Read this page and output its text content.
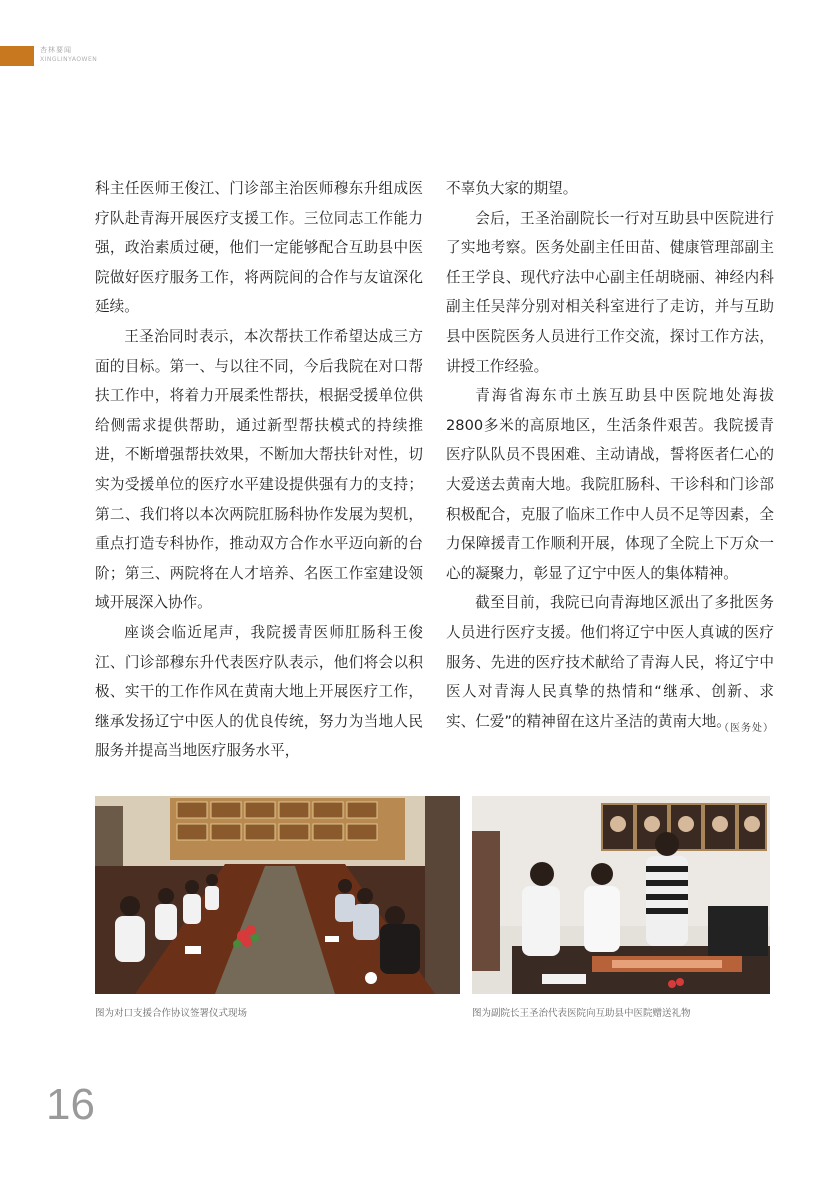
杏林要闻
XINGLINYAOWEN

科主任医师王俊江、门诊部主治医师穆东升组成医疗队赴青海开展医疗支援工作。三位同志工作能力强，政治素质过硬，他们一定能够配合互助县中医院做好医疗服务工作，将两院间的合作与友谊深化延续。

王圣治同时表示，本次帮扶工作希望达成三方面的目标。第一、与以往不同，今后我院在对口帮扶工作中，将着力开展柔性帮扶，根据受援单位供给侧需求提供帮助，通过新型帮扶模式的持续推进，不断增强帮扶效果，不断加大帮扶针对性，切实为受援单位的医疗水平建设提供强有力的支持；第二、我们将以本次两院肛肠科协作发展为契机，重点打造专科协作，推动双方合作水平迈向新的台阶；第三、两院将在人才培养、名医工作室建设领域开展深入协作。

座谈会临近尾声，我院援青医师肛肠科王俊江、门诊部穆东升代表医疗队表示，他们将会以积极、实干的工作作风在黄南大地上开展医疗工作，继承发扬辽宁中医人的优良传统，努力为当地人民服务并提高当地医疗服务水平，

不辜负大家的期望。

会后，王圣治副院长一行对互助县中医院进行了实地考察。医务处副主任田苗、健康管理部副主任王学良、现代疗法中心副主任胡晓丽、神经内科副主任吴萍分别对相关科室进行了走访，并与互助县中医院医务人员进行工作交流，探讨工作方法，讲授工作经验。

青海省海东市土族互助县中医院地处海拔2800多米的高原地区，生活条件艰苦。我院援青医疗队队员不畏困难、主动请战，誓将医者仁心的大爱送去黄南大地。我院肛肠科、干诊科和门诊部积极配合，克服了临床工作中人员不足等因素，全力保障援青工作顺利开展，体现了全院上下万众一心的凝聚力，彰显了辽宁中医人的集体精神。

截至目前，我院已向青海地区派出了多批医务人员进行医疗支援。他们将辽宁中医人真诚的医疗服务、先进的医疗技术献给了青海人民，将辽宁中医人对青海人民真挚的热情和“继承、创新、求实、仁爱”的精神留在这片圣洁的黄南大地。

（医务处）
图为对口支援合作协议签署仪式现场	图为副院长王圣治代表医院向互助县中医院赠送礼物
16
